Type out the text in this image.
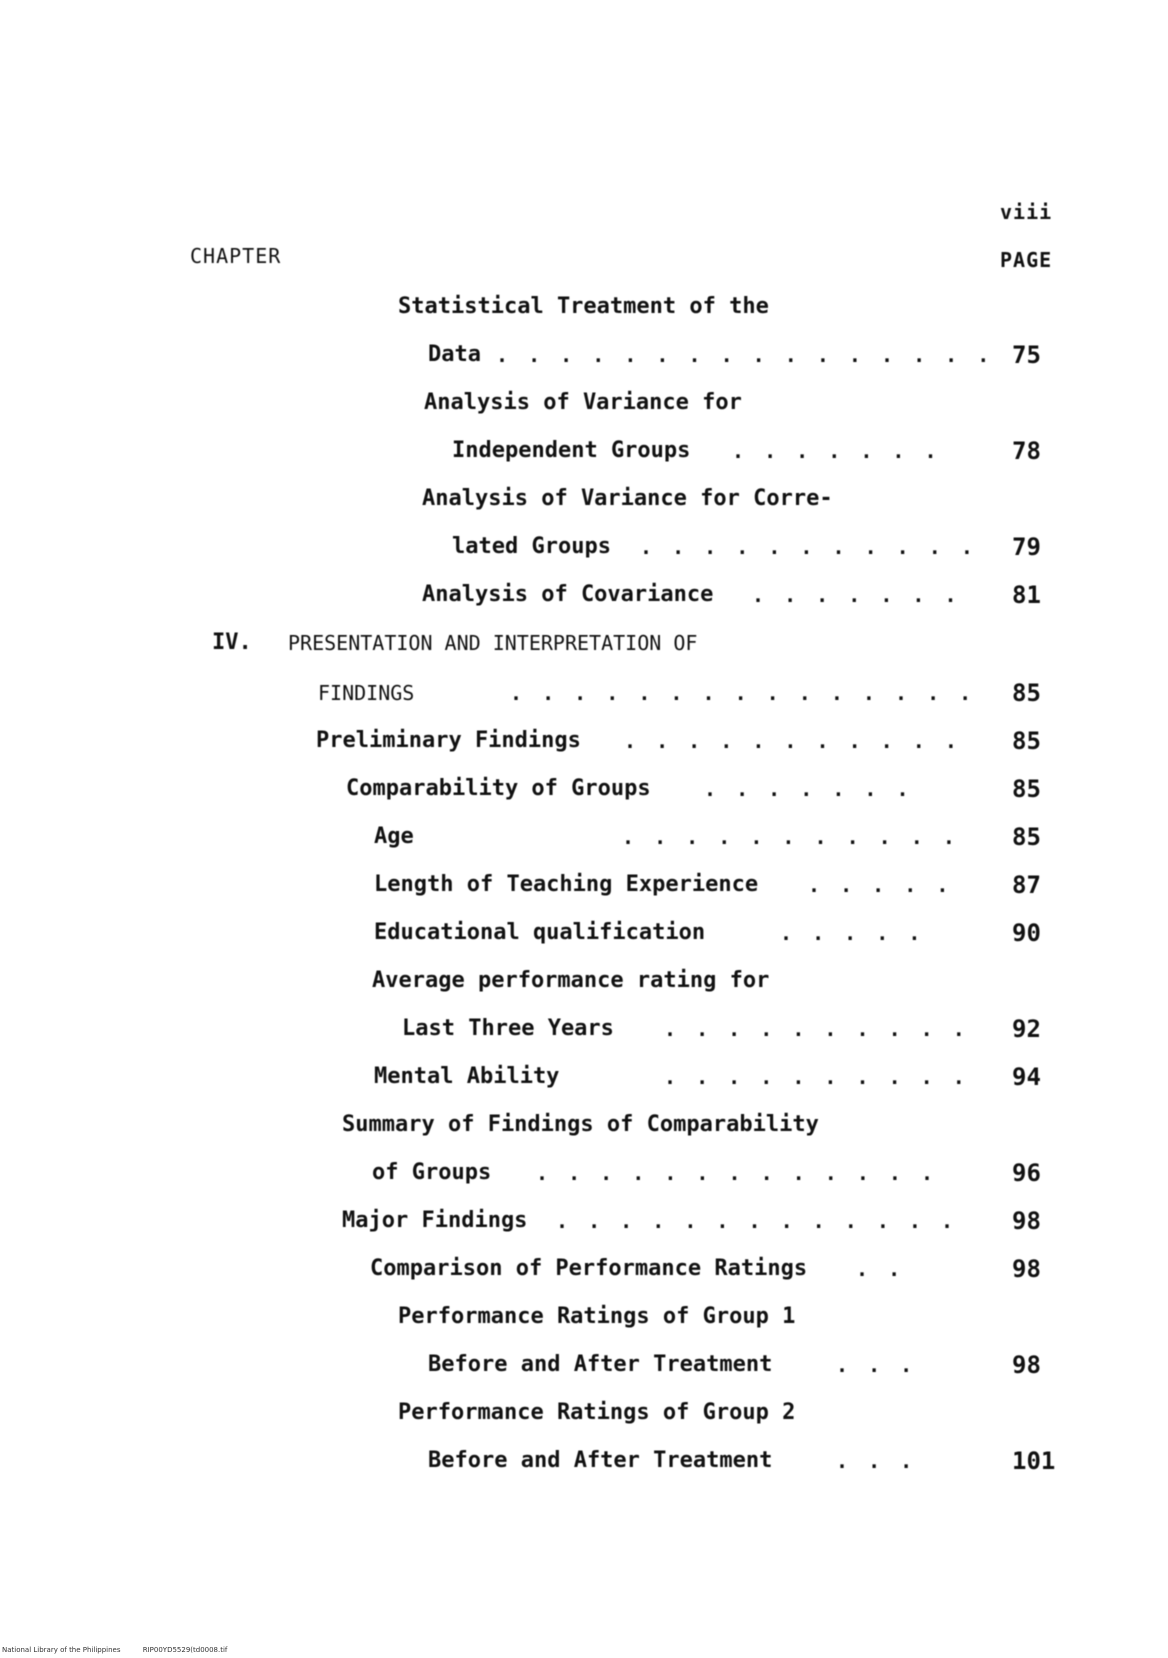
viii
CHAPTER	PAGE
Statistical Treatment of the
Data . . . . . . . . . . . . . . . . 75
Analysis of Variance for
Independent Groups . . . . . . .	78
Analysis of Variance for Corre-
lated Groups . . . . . . . . . . . 79
Analysis of Covariance . . . . . . . 81
IV. PRESENTATION AND INTERPRETATION OF
FINDINGS	. . . . . . . . . . . . . . . 85
Preliminary Findings . . . . . . . . . . . 85
Comparability of Groups	. . . . . . .	85
Age	. . . . . . . . . . . 85
Length of Teaching Experience . . . . . 87
Educational qualification	. . . . .	90
Average performance rating for
Last Three Years	. . . . . . . . . . 92
Mental Ability	. . . . . . . . . . 94
Summary of Findings of Comparability
of Groups . . . . . . . . . . . . .	96
Major Findings . . . . . . . . . . . . . 98
Comparison of Performance Ratings . .	98
Performance Ratings of Group 1
Before and After Treatment	. . .	98
Performance Ratings of Group 2
Before and After Treatment	. . .	101
National Library of the Philippines	RIP00YD5529(td0008.tif
